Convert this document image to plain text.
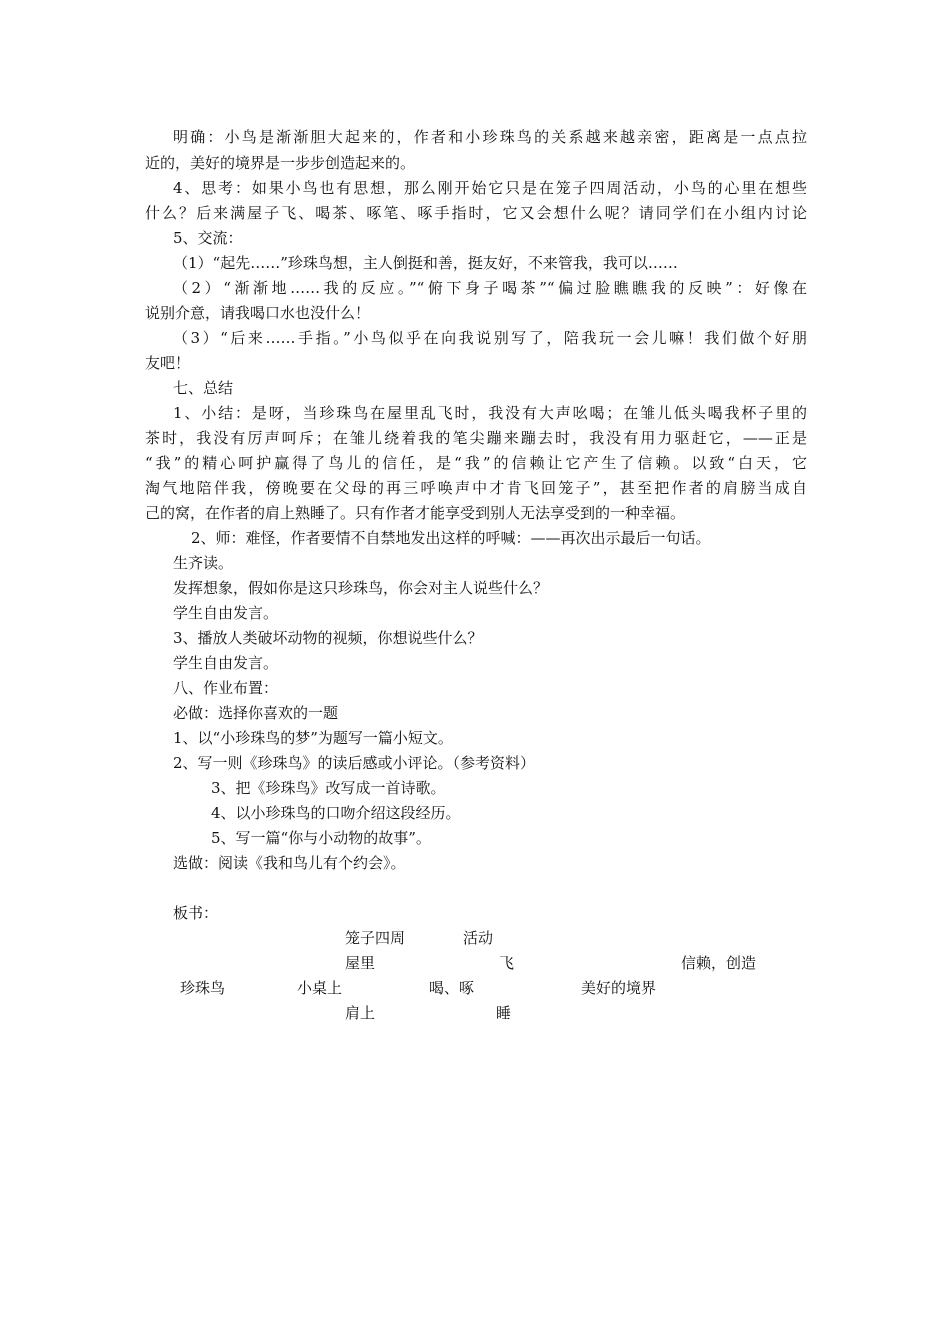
明确：小鸟是渐渐胆大起来的，作者和小珍珠鸟的关系越来越亲密，距离是一点点拉
近的，美好的境界是一步步创造起来的。
4、思考：如果小鸟也有思想，那么刚开始它只是在笼子四周活动，小鸟的心里在想些
什么？后来满屋子飞、喝茶、啄笔、啄手指时，它又会想什么呢？请同学们在小组内讨论
5、交流：
（1）“起先……”珍珠鸟想，主人倒挺和善，挺友好，不来管我，我可以……
（2）“渐渐地……我的反应。”“俯下身子喝茶”“偏过脸瞧瞧我的反映”：好像在
说别介意，请我喝口水也没什么！
（3）“后来……手指。”小鸟似乎在向我说别写了，陪我玩一会儿嘛！我们做个好朋
友吧！
七、总结
1、小结：是呀，当珍珠鸟在屋里乱飞时，我没有大声吆喝；在雏儿低头喝我杯子里的
茶时，我没有厉声呵斥；在雏儿绕着我的笔尖蹦来蹦去时，我没有用力驱赶它，——正是
“我”的精心呵护赢得了鸟儿的信任，是“我”的信赖让它产生了信赖。以致“白天，它
淘气地陪伴我，傍晚要在父母的再三呼唤声中才肯飞回笼子”，甚至把作者的肩膀当成自
己的窝，在作者的肩上熟睡了。只有作者才能享受到别人无法享受到的一种幸福。
2、师：难怪，作者要情不自禁地发出这样的呼喊：——再次出示最后一句话。
生齐读。
发挥想象，假如你是这只珍珠鸟，你会对主人说些什么？
学生自由发言。
3、播放人类破坏动物的视频，你想说些什么？
学生自由发言。
八、作业布置：
必做：选择你喜欢的一题
1、以“小珍珠鸟的梦”为题写一篇小短文。
2、写一则《珍珠鸟》的读后感或小评论。（参考资料）
3、把《珍珠鸟》改写成一首诗歌。
4、以小珍珠鸟的口吻介绍这段经历。
5、写一篇“你与小动物的故事”。
选做：阅读《我和鸟儿有个约会》。
板书：
笼子四周	活动
屋里	飞	信赖，创造
珍珠鸟	小桌上	喝、啄	美好的境界
肩上	睡
